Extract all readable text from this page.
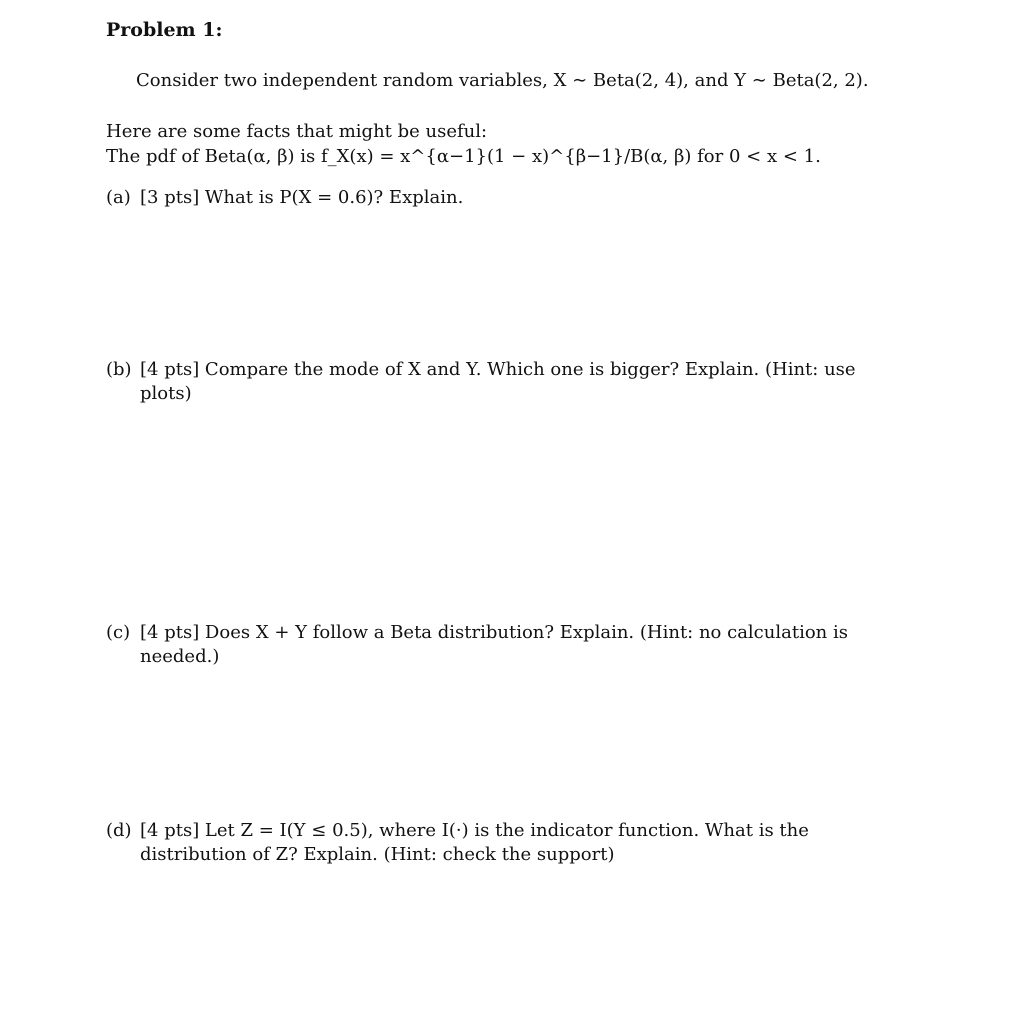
Problem 1:
Consider two independent random variables, X ∼ Beta(2, 4), and Y ∼ Beta(2, 2).
Here are some facts that might be useful:
The pdf of Beta(α, β) is f_X(x) = x^{α−1}(1 − x)^{β−1}/B(α, β) for 0 < x < 1.
(a) [3 pts] What is P(X = 0.6)? Explain.
(b) [4 pts] Compare the mode of X and Y. Which one is bigger? Explain. (Hint: use plots)
(c) [4 pts] Does X + Y follow a Beta distribution? Explain. (Hint: no calculation is needed.)
(d) [4 pts] Let Z = I(Y ≤ 0.5), where I(·) is the indicator function. What is the distribution of Z? Explain. (Hint: check the support)
